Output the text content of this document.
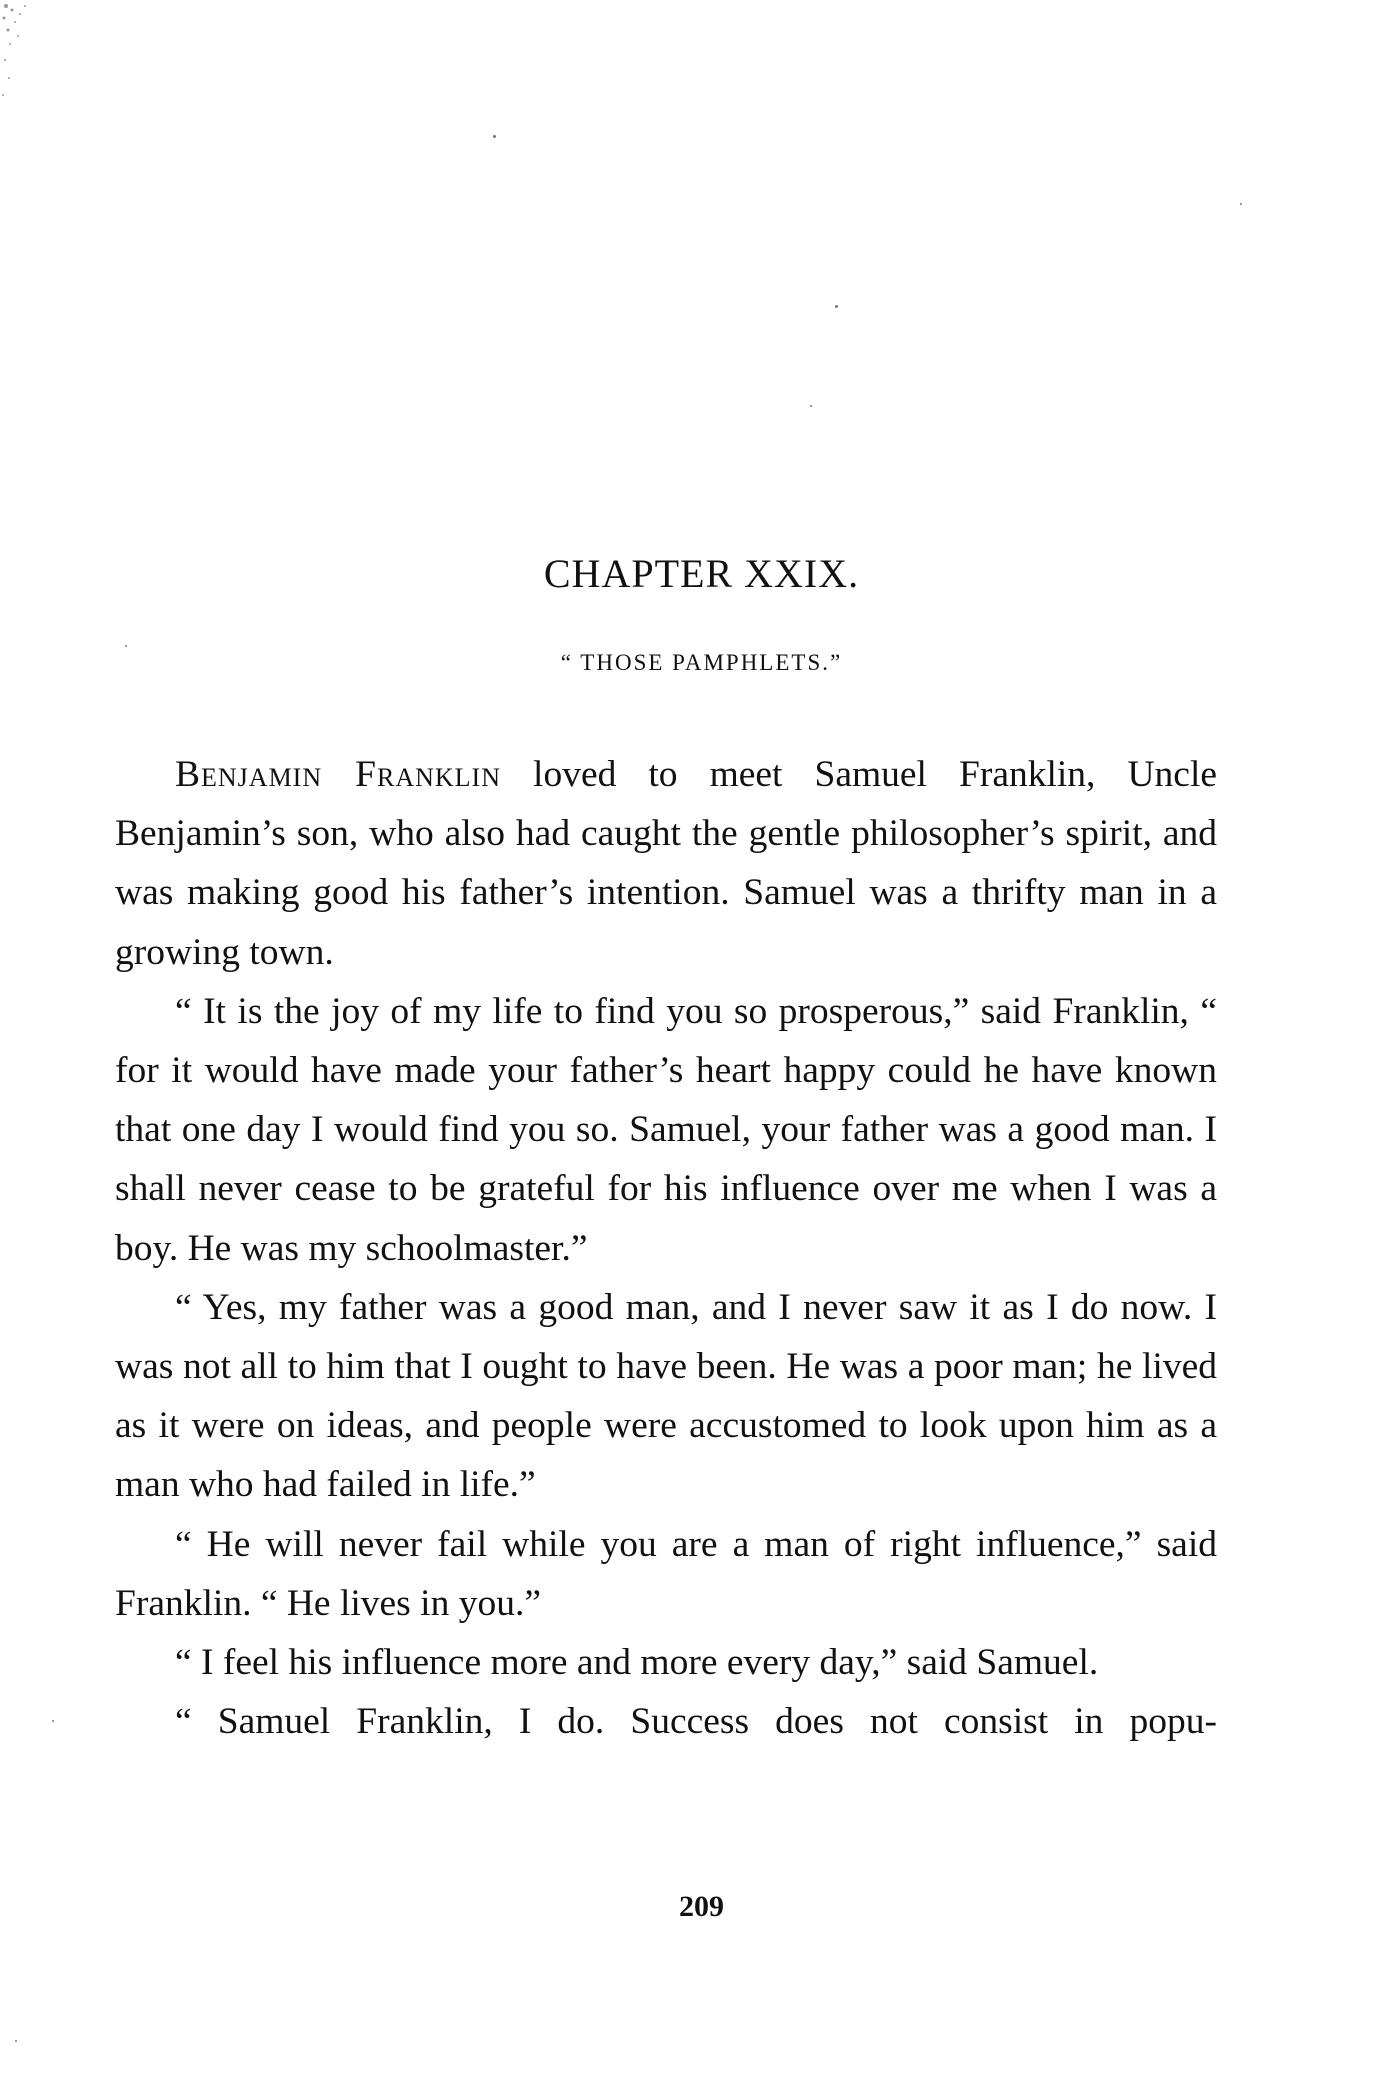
CHAPTER XXIX.
“ THOSE PAMPHLETS.”

Benjamin Franklin loved to meet Samuel Franklin, Uncle Benjamin’s son, who also had caught the gentle philosopher’s spirit, and was making good his father’s intention. Samuel was a thrifty man in a growing town.

“ It is the joy of my life to find you so prosperous,” said Franklin, “ for it would have made your father’s heart happy could he have known that one day I would find you so. Samuel, your father was a good man. I shall never cease to be grateful for his influence over me when I was a boy. He was my schoolmaster.”

“ Yes, my father was a good man, and I never saw it as I do now. I was not all to him that I ought to have been. He was a poor man; he lived as it were on ideas, and people were accustomed to look upon him as a man who had failed in life.”

“ He will never fail while you are a man of right influence,” said Franklin. “ He lives in you.”

“ I feel his influence more and more every day,” said Samuel.

“ Samuel Franklin, I do. Success does not consist in popu-

209
